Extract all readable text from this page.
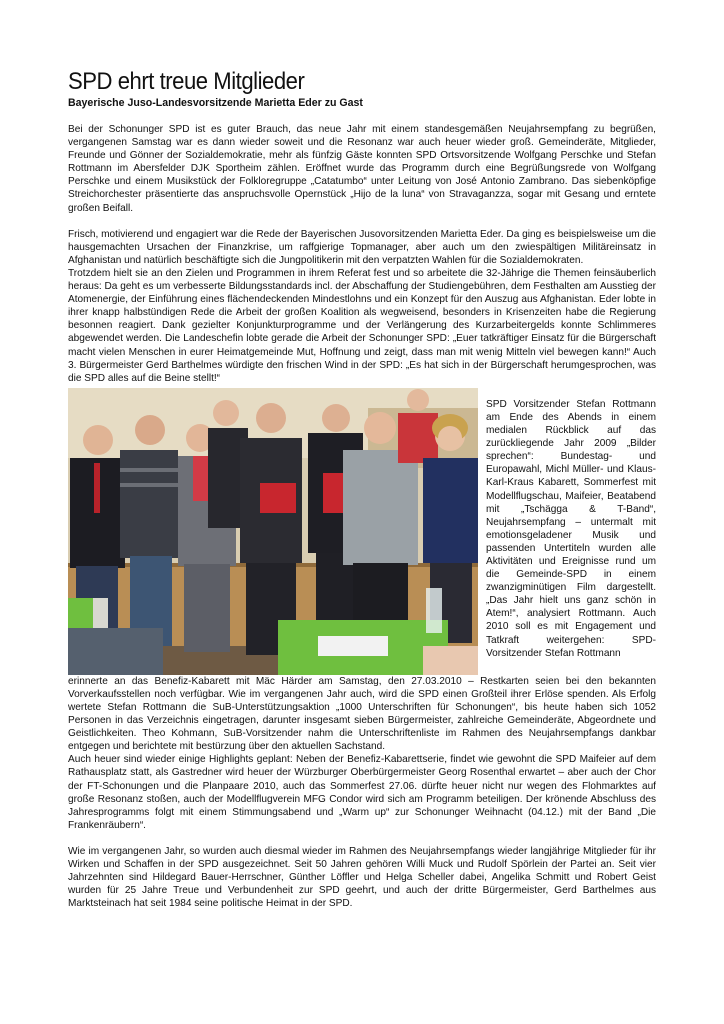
SPD ehrt treue Mitglieder

Bayerische Juso-Landesvorsitzende Marietta Eder zu Gast

Bei der Schonunger SPD ist es guter Brauch, das neue Jahr mit einem standesgemäßen Neujahrsempfang zu begrüßen, vergangenen Samstag war es dann wieder soweit und die Resonanz war auch heuer wieder groß. Gemeinderäte, Mitglieder, Freunde und Gönner der Sozialdemokratie, mehr als fünfzig Gäste konnten SPD Ortsvorsitzende Wolfgang Perschke und Stefan Rottmann im Abersfelder DJK Sportheim zählen. Eröffnet wurde das Programm durch eine Begrüßungsrede von Wolfgang Perschke und einem Musikstück der Folkloregruppe „Catatumbo“ unter Leitung von José Antonio Zambrano. Das siebenköpfige Streichorchester präsentierte das anspruchsvolle Opernstück „Hijo de la luna“ von Stravaganzza, sogar mit Gesang und erntete großen Beifall.

Frisch, motivierend und engagiert war die Rede der Bayerischen Jusovorsitzenden Marietta Eder. Da ging es beispielsweise um die hausgemachten Ursachen der Finanzkrise, um raffgierige Topmanager, aber auch um den zwiespältigen Militäreinsatz in Afghanistan und natürlich beschäftigte sich die Jungpolitikerin mit den verpatzten Wahlen für die Sozialdemokraten.

Trotzdem hielt sie an den Zielen und Programmen in ihrem Referat fest und so arbeitete die 32-Jährige die Themen feinsäuberlich heraus: Da geht es um verbesserte Bildungsstandards incl. der Abschaffung der Studiengebühren, dem Festhalten am Ausstieg der Atomenergie, der Einführung eines flächendeckenden Mindestlohns und ein Konzept für den Auszug aus Afghanistan. Eder lobte in ihrer knapp halbstündigen Rede die Arbeit der großen Koalition als wegweisend, besonders in Krisenzeiten habe die Regierung besonnen reagiert. Dank gezielter Konjunkturprogramme und der Verlängerung des Kurzarbeitergelds konnte Schlimmeres abgewendet werden. Die Landeschefin lobte gerade die Arbeit der Schonunger SPD: „Euer tatkräftiger Einsatz für die Bürgerschaft macht vielen Menschen in eurer Heimatgemeinde Mut, Hoffnung und zeigt, dass man mit wenig Mitteln viel bewegen kann!“ Auch 3. Bürgermeister Gerd Barthelmes würdigte den frischen Wind in der SPD: „Es hat sich in der Bürgerschaft herumgesprochen, was die SPD alles auf die Beine stellt!“

SPD Vorsitzender Stefan Rottmann am Ende des Abends in einem medialen Rückblick auf das zurückliegende Jahr 2009 „Bilder sprechen“: Bundestag- und Europawahl, Michl Müller- und Klaus-Karl-Kraus Kabarett, Sommerfest mit Modellflugschau, Maifeier, Beatabend mit „Tschägga & T-Band“, Neujahrsempfang – untermalt mit emotionsgeladener Musik und passenden Untertiteln wurden alle Aktivitäten und Ereignisse rund um die Gemeinde-SPD in einem zwanzigminütigen Film dargestellt. „Das Jahr hielt uns ganz schön in Atem!“, analysiert Rottmann. Auch 2010 soll es mit Engagement und Tatkraft weitergehen: SPD-Vorsitzender Stefan Rottmann

erinnerte an das Benefiz-Kabarett mit Mäc Härder am Samstag, den 27.03.2010 – Restkarten seien bei den bekannten Vorverkaufsstellen noch verfügbar. Wie im vergangenen Jahr auch, wird die SPD einen Großteil ihrer Erlöse spenden. Als Erfolg wertete Stefan Rottmann die SuB-Unterstützungsaktion „1000 Unterschriften für Schonungen“, bis heute haben sich 1052 Personen in das Verzeichnis eingetragen, darunter insgesamt sieben Bürgermeister, zahlreiche Gemeinderäte, Abgeordnete und Geistlichkeiten. Theo Kohmann, SuB-Vorsitzender nahm die Unterschriftenliste im Rahmen des Neujahrsempfangs dankbar entgegen und berichtete mit bestürzung über den aktuellen Sachstand.

Auch heuer sind wieder einige Highlights geplant: Neben der Benefiz-Kabarettserie, findet wie gewohnt die SPD Maifeier auf dem Rathausplatz statt, als Gastredner wird heuer der Würzburger Oberbürgermeister Georg Rosenthal erwartet – aber auch der Chor der FT-Schonungen und die Planpaare 2010, auch das Sommerfest 27.06. dürfte heuer nicht nur wegen des Flohmarktes auf große Resonanz stoßen, auch der Modellflugverein MFG Condor wird sich am Programm beteiligen. Der krönende Abschluss des Jahresprogramms folgt mit einem Stimmungsabend und „Warm up“ zur Schonunger Weihnacht (04.12.) mit der Band „Die Frankenräubern“.

Wie im vergangenen Jahr, so wurden auch diesmal wieder im Rahmen des Neujahrsempfangs wieder langjährige Mitglieder für ihr Wirken und Schaffen in der SPD ausgezeichnet. Seit 50 Jahren gehören Willi Muck und Rudolf Spörlein der Partei an. Seit vier Jahrzehnten sind Hildegard Bauer-Herrschner, Günther Löffler und Helga Scheller dabei, Angelika Schmitt und Robert Geist wurden für 25 Jahre Treue und Verbundenheit zur SPD geehrt, und auch der dritte Bürgermeister, Gerd Barthelmes aus Marktsteinach hat seit 1984 seine politische Heimat in der SPD.
